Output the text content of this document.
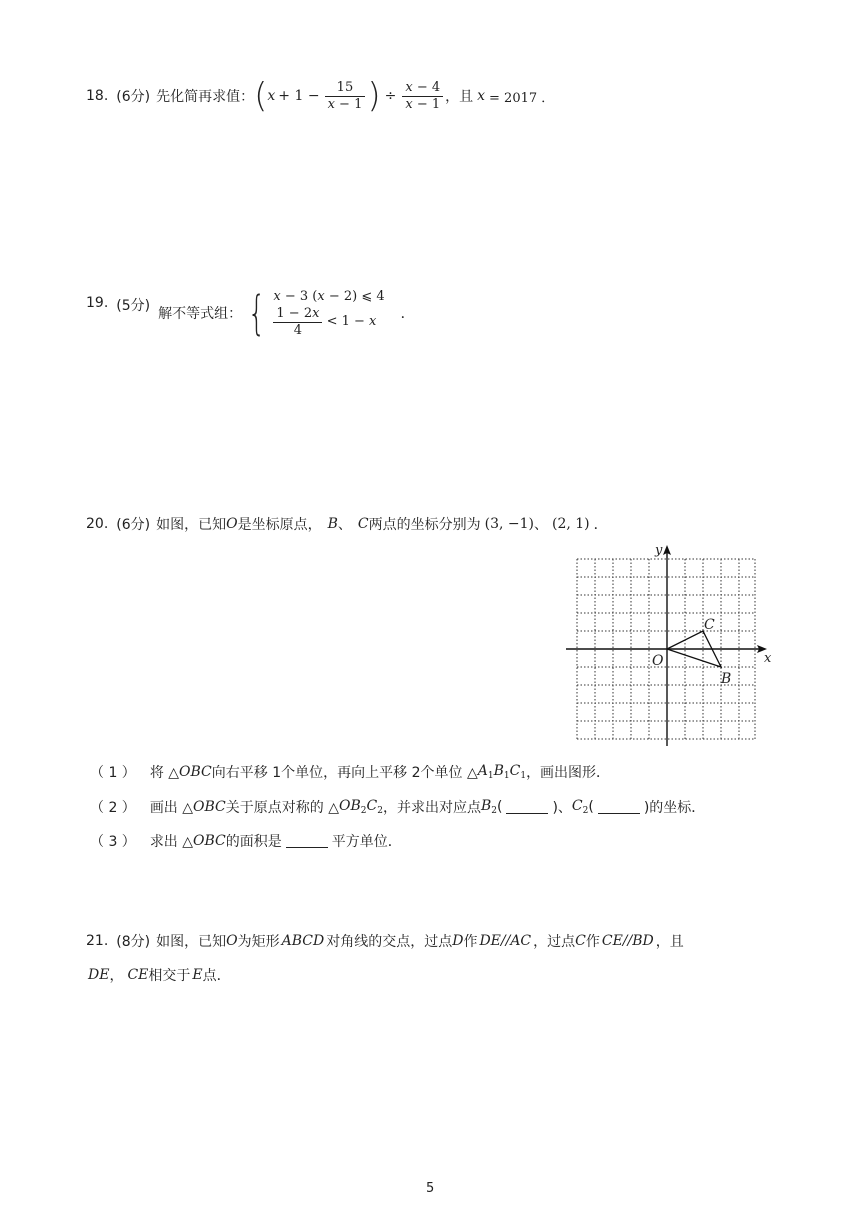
18. (6分) 先化简再求值： ( $x + 1 - \frac{15}{x - 1}$ ) ÷ $\frac{x - 4}{x - 1}$ ，且 x = 2017 ．
19. (5分) 解不等式组： { x − 3 ( x − 2) ⩽ 4
$\frac{1 - 2x}{4} < 1 - x$ ．
20. (6分) 如图，已知 O 是坐标原点， B 、 C 两点的坐标分别为 (3, −1) 、 (2, 1) ．
x
y
O
B
C
（ 1 ） 将 △ OBC 向右平移 1个单位，再向上平移 2个单位 △ $A_1B_1C_1$ ，画出图形．
（ 2 ） 画出 △ OBC 关于原点对称的 △ $OB_2C_2$ ，并求出对应点 $B_2$ (	)、 $C_2$ (	)的坐标．
（ 3 ） 求出 △ OBC 的面积是	平方单位．
21. (8分) 如图，已知 O 为矩形 ABCD 对角线的交点，过点 D 作 DE//AC ，过点 C 作 CE//BD ，且
DE ， CE 相交于 E 点．
5
